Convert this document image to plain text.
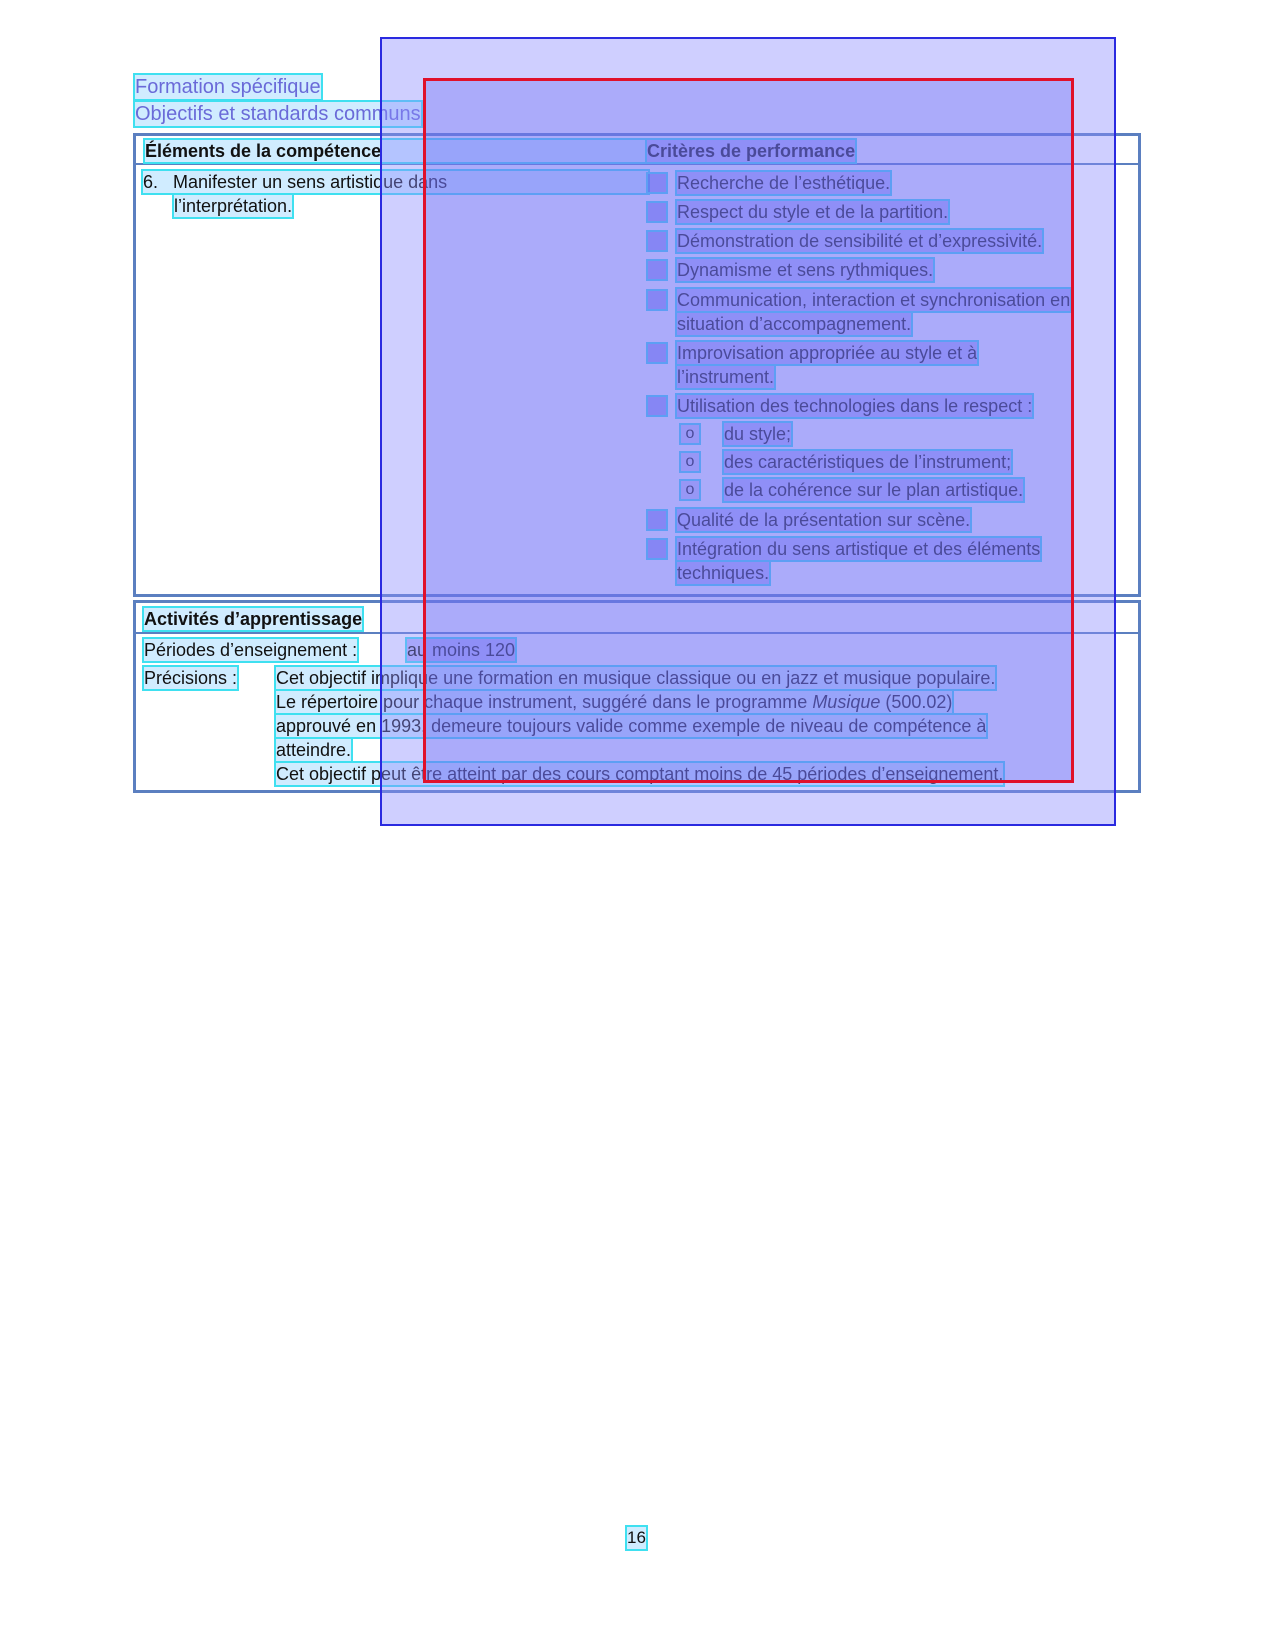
Formation spécifique
Objectifs et standards communs
Éléments de la compétence	Critères de performance
6. Manifester un sens artistique dans
l’interprétation.
Recherche de l’esthétique.
Respect du style et de la partition.
Démonstration de sensibilité et d’expressivité.
Dynamisme et sens rythmiques.
Communication, interaction et synchronisation en
situation d’accompagnement.
Improvisation appropriée au style et à
l’instrument.
Utilisation des technologies dans le respect :
o du style;
o des caractéristiques de l’instrument;
o de la cohérence sur le plan artistique.
Qualité de la présentation sur scène.
Intégration du sens artistique et des éléments
techniques.
Activités d’apprentissage
Périodes d’enseignement :	au moins 120
Précisions : Cet objectif implique une formation en musique classique ou en jazz et musique populaire.
Le répertoire pour chaque instrument, suggéré dans le programme Musique (500.02)
approuvé en 1993, demeure toujours valide comme exemple de niveau de compétence à
atteindre.
Cet objectif peut être atteint par des cours comptant moins de 45 périodes d’enseignement.
16
